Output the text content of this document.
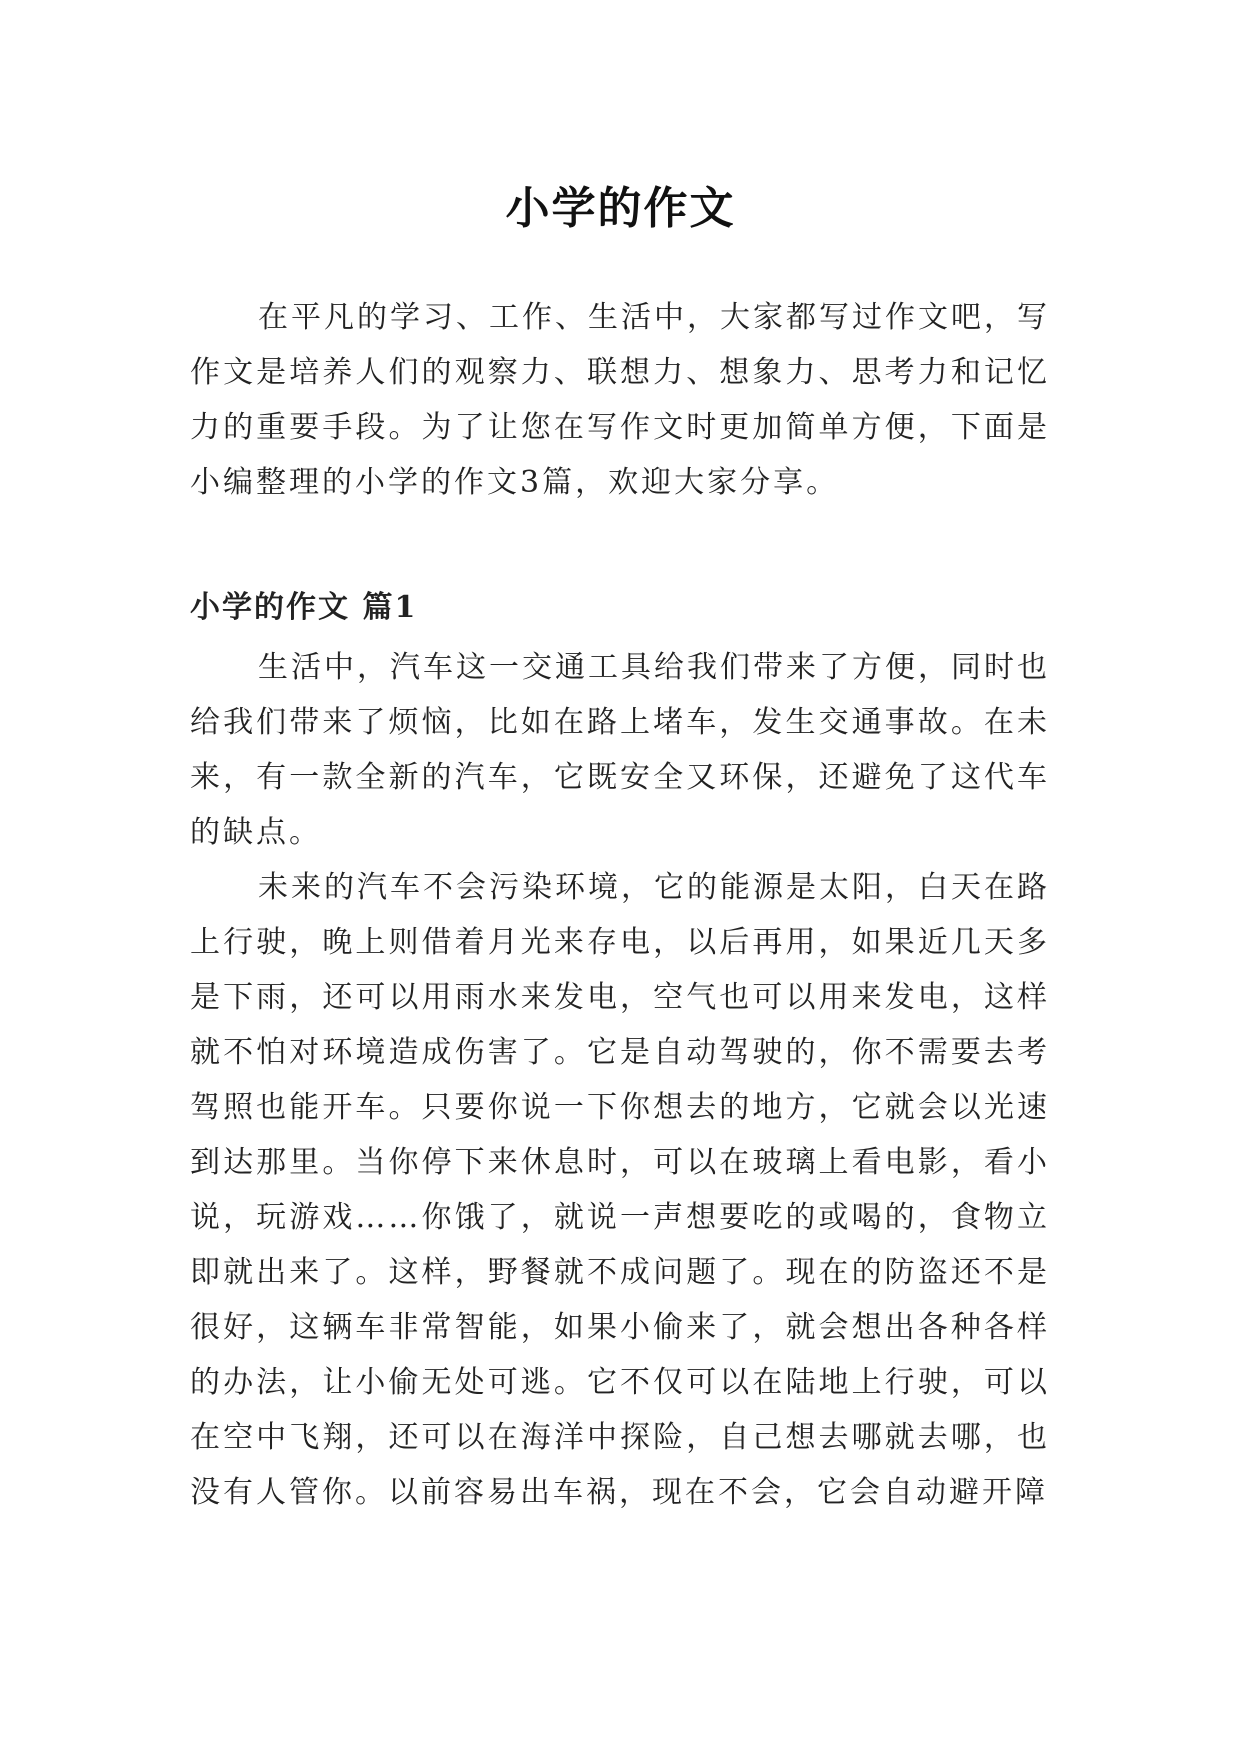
小学的作文

在平凡的学习、工作、生活中，大家都写过作文吧，写作文是培养人们的观察力、联想力、想象力、思考力和记忆力的重要手段。为了让您在写作文时更加简单方便，下面是小编整理的小学的作文3篇，欢迎大家分享。

小学的作文 篇1

生活中，汽车这一交通工具给我们带来了方便，同时也给我们带来了烦恼，比如在路上堵车，发生交通事故。在未来，有一款全新的汽车，它既安全又环保，还避免了这代车的缺点。

未来的汽车不会污染环境，它的能源是太阳，白天在路上行驶，晚上则借着月光来存电，以后再用，如果近几天多是下雨，还可以用雨水来发电，空气也可以用来发电，这样就不怕对环境造成伤害了。它是自动驾驶的，你不需要去考驾照也能开车。只要你说一下你想去的地方，它就会以光速到达那里。当你停下来休息时，可以在玻璃上看电影，看小说，玩游戏……你饿了，就说一声想要吃的或喝的，食物立即就出来了。这样，野餐就不成问题了。现在的防盗还不是很好，这辆车非常智能，如果小偷来了，就会想出各种各样的办法，让小偷无处可逃。它不仅可以在陆地上行驶，可以在空中飞翔，还可以在海洋中探险，自己想去哪就去哪，也没有人管你。以前容易出车祸，现在不会，它会自动避开障
